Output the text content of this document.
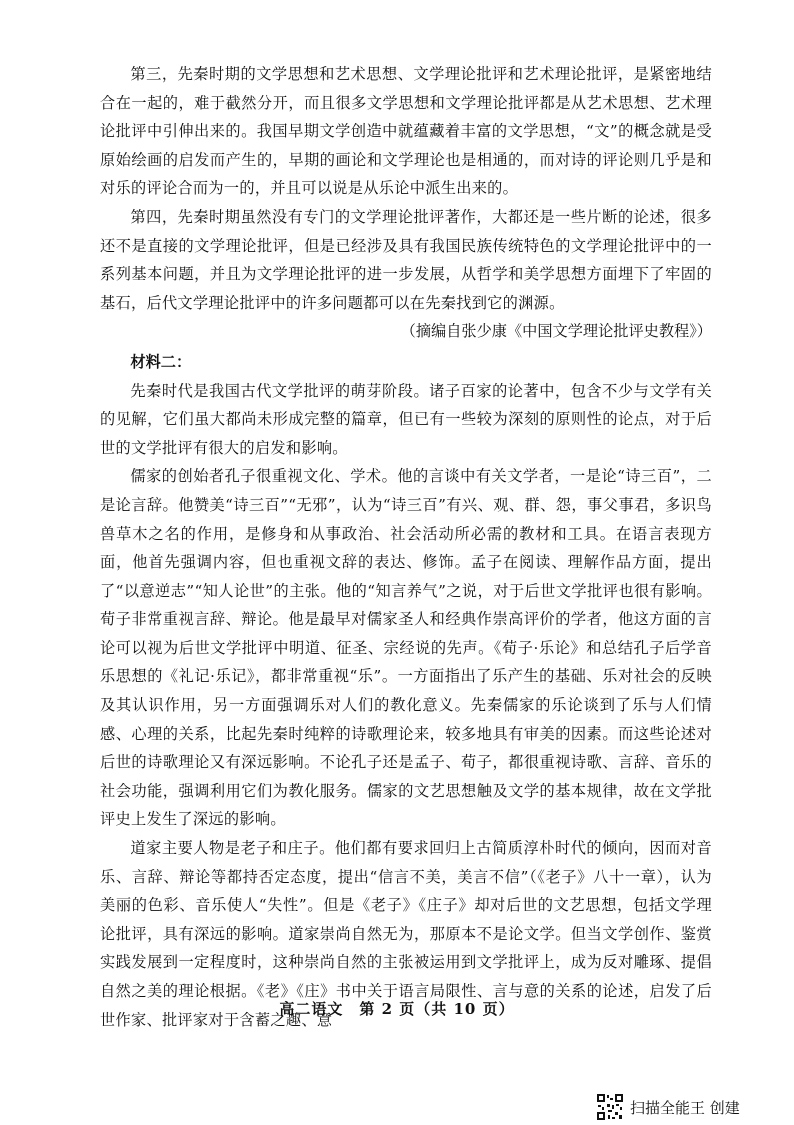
第三，先秦时期的文学思想和艺术思想、文学理论批评和艺术理论批评，是紧密地结合在一起的，难于截然分开，而且很多文学思想和文学理论批评都是从艺术思想、艺术理论批评中引伸出来的。我国早期文学创造中就蕴藏着丰富的文学思想，“文”的概念就是受原始绘画的启发而产生的，早期的画论和文学理论也是相通的，而对诗的评论则几乎是和对乐的评论合而为一的，并且可以说是从乐论中派生出来的。

第四，先秦时期虽然没有专门的文学理论批评著作，大都还是一些片断的论述，很多还不是直接的文学理论批评，但是已经涉及具有我国民族传统特色的文学理论批评中的一系列基本问题，并且为文学理论批评的进一步发展，从哲学和美学思想方面埋下了牢固的基石，后代文学理论批评中的许多问题都可以在先秦找到它的渊源。

（摘编自张少康《中国文学理论批评史教程》）

材料二：

先秦时代是我国古代文学批评的萌芽阶段。诸子百家的论著中，包含不少与文学有关的见解，它们虽大都尚未形成完整的篇章，但已有一些较为深刻的原则性的论点，对于后世的文学批评有很大的启发和影响。

儒家的创始者孔子很重视文化、学术。他的言谈中有关文学者，一是论“诗三百”，二是论言辞。他赞美“诗三百”“无邪”，认为“诗三百”有兴、观、群、怨，事父事君，多识鸟兽草木之名的作用，是修身和从事政治、社会活动所必需的教材和工具。在语言表现方面，他首先强调内容，但也重视文辞的表达、修饰。孟子在阅读、理解作品方面，提出了“以意逆志”“知人论世”的主张。他的“知言养气”之说，对于后世文学批评也很有影响。荀子非常重视言辞、辩论。他是最早对儒家圣人和经典作崇高评价的学者，他这方面的言论可以视为后世文学批评中明道、征圣、宗经说的先声。《荀子·乐论》和总结孔子后学音乐思想的《礼记·乐记》，都非常重视“乐”。一方面指出了乐产生的基础、乐对社会的反映及其认识作用，另一方面强调乐对人们的教化意义。先秦儒家的乐论谈到了乐与人们情感、心理的关系，比起先秦时纯粹的诗歌理论来，较多地具有审美的因素。而这些论述对后世的诗歌理论又有深远影响。不论孔子还是孟子、荀子，都很重视诗歌、言辞、音乐的社会功能，强调利用它们为教化服务。儒家的文艺思想触及文学的基本规律，故在文学批评史上发生了深远的影响。

道家主要人物是老子和庄子。他们都有要求回归上古简质淳朴时代的倾向，因而对音乐、言辞、辩论等都持否定态度，提出“信言不美，美言不信”（《老子》八十一章），认为美丽的色彩、音乐使人“失性”。但是《老子》《庄子》却对后世的文艺思想，包括文学理论批评，具有深远的影响。道家崇尚自然无为，那原本不是论文学。但当文学创作、鉴赏实践发展到一定程度时，这种崇尚自然的主张被运用到文学批评上，成为反对雕琢、提倡自然之美的理论根据。《老》《庄》书中关于语言局限性、言与意的关系的论述，启发了后世作家、批评家对于含蓄之趣、意

高二语文　第 2 页（共 10 页）
扫描全能王 创建
